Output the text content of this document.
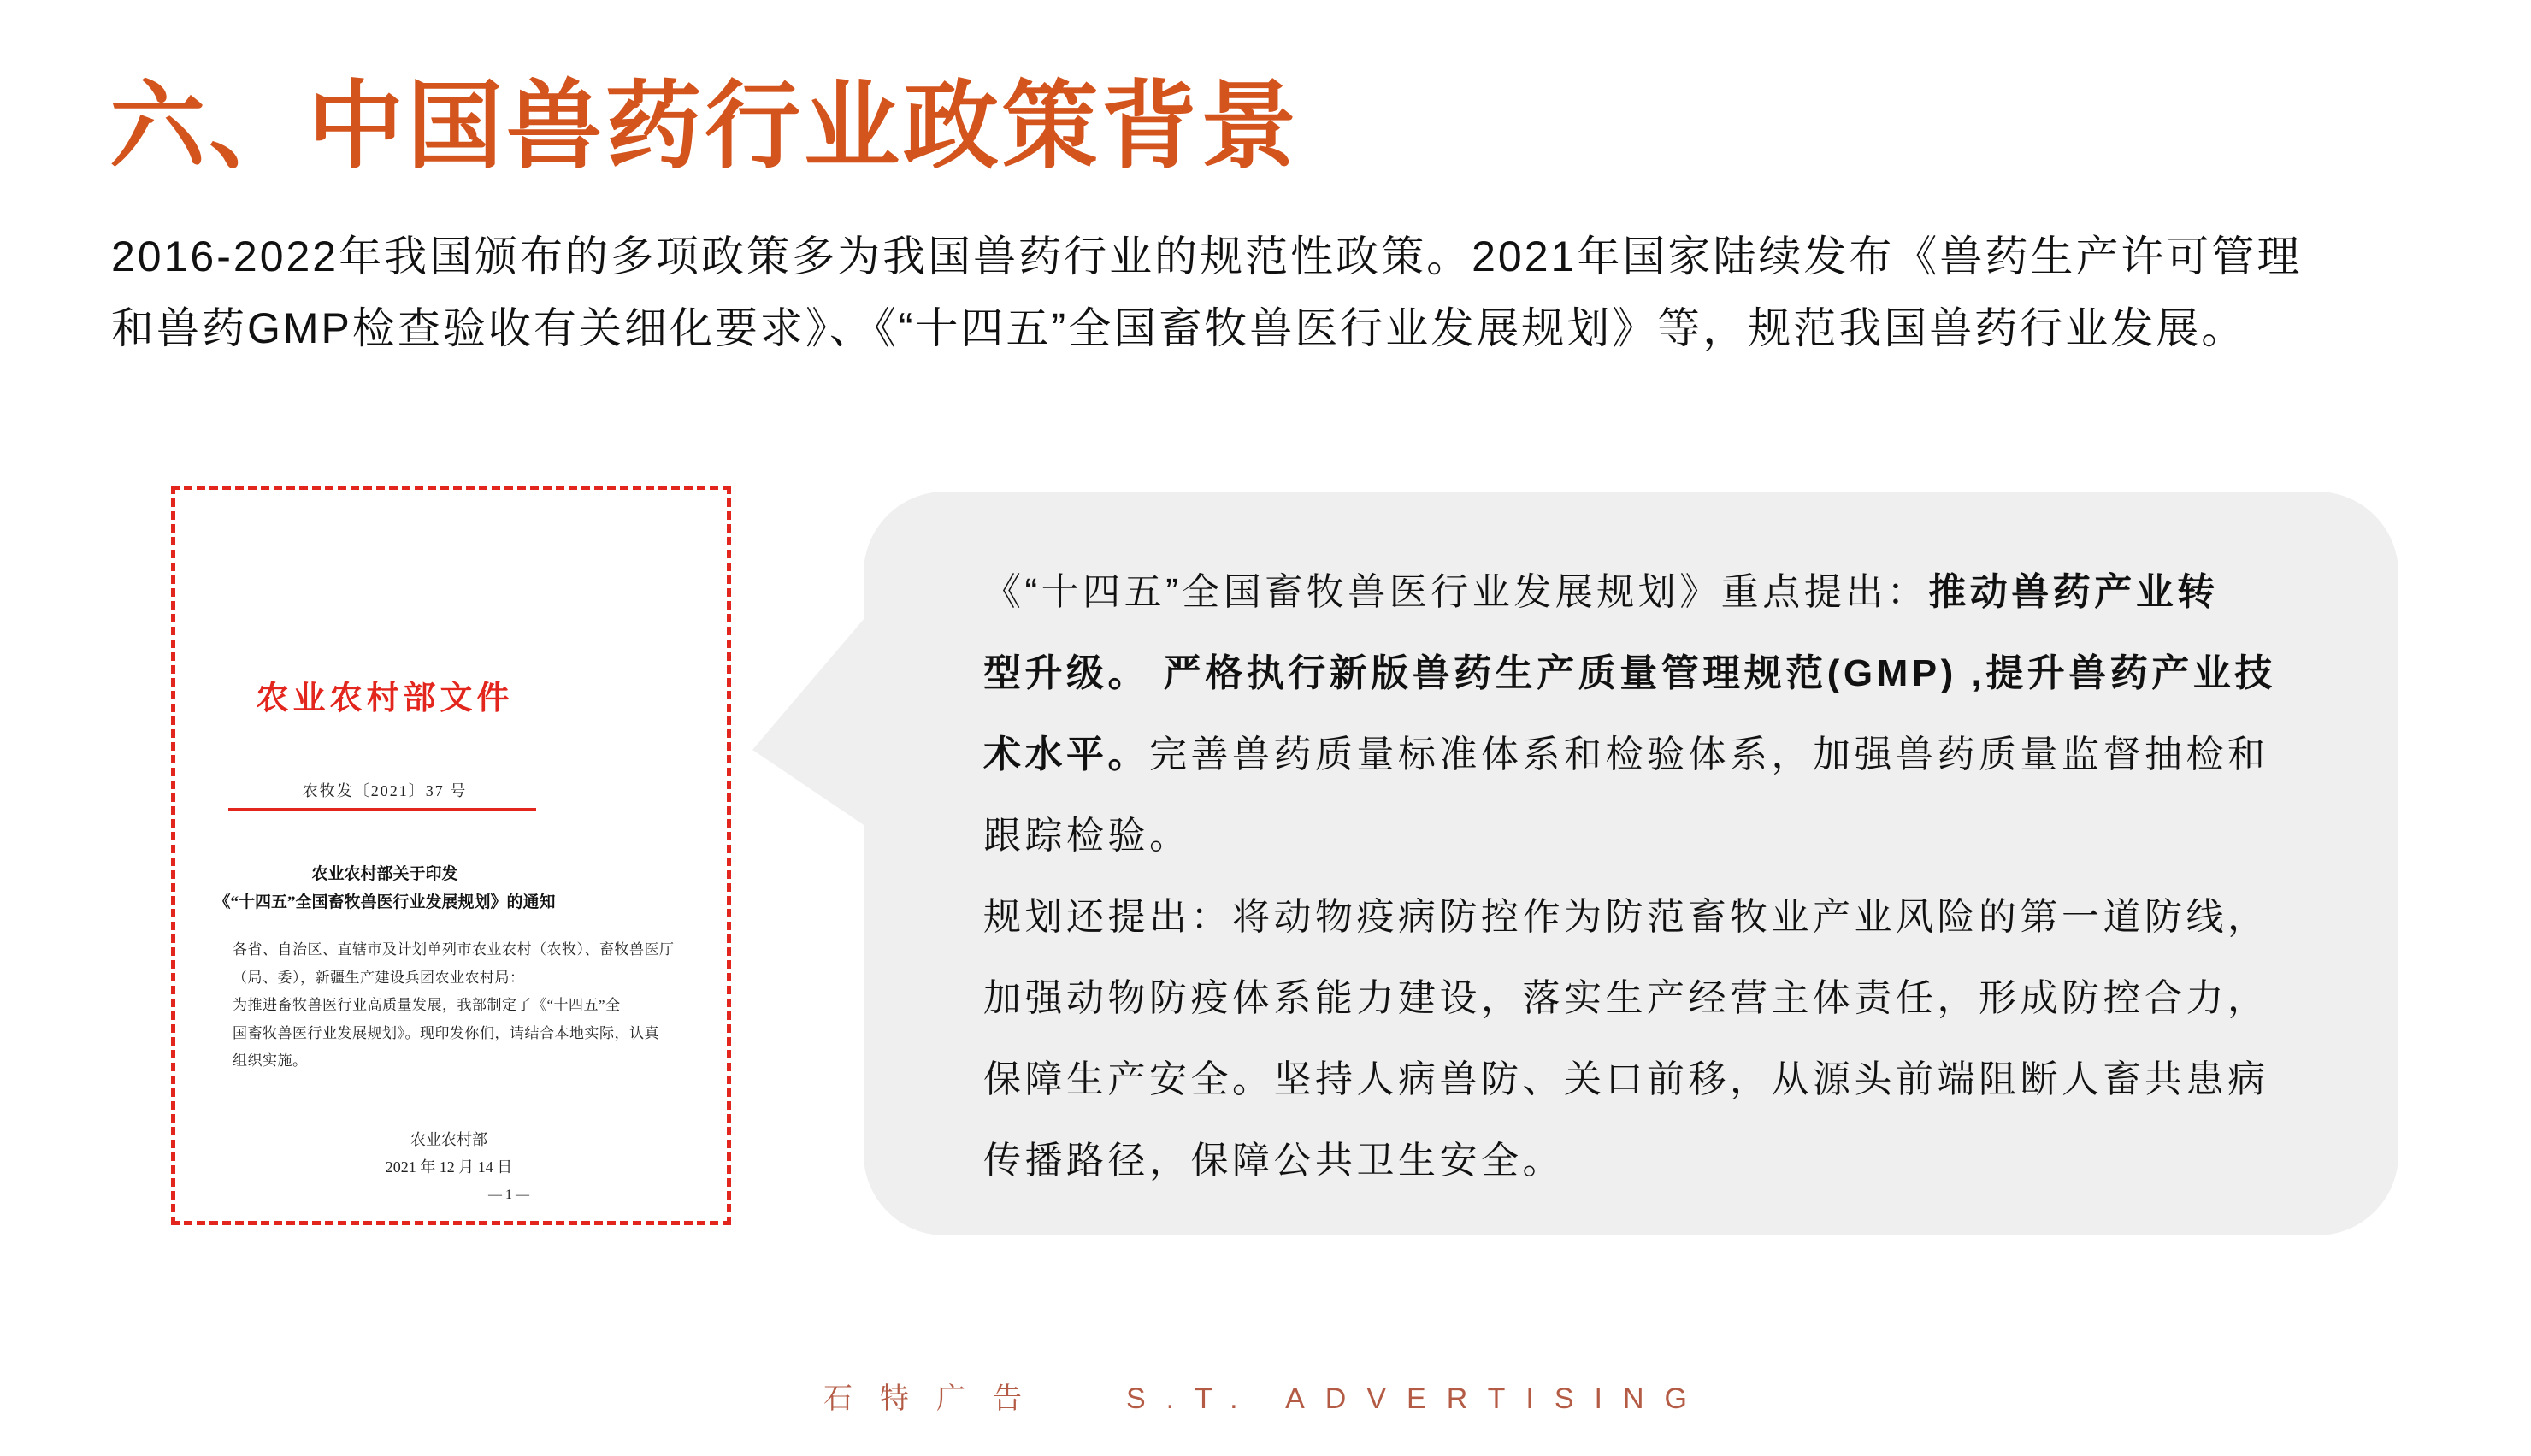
六、中国兽药行业政策背景
2016-2022年我国颁布的多项政策多为我国兽药行业的规范性政策。2021年国家陆续发布《兽药生产许可管理
和兽药GMP检查验收有关细化要求》、《“十四五”全国畜牧兽医行业发展规划》等，规范我国兽药行业发展。
农业农村部文件
农牧发〔2021〕37 号
农业农村部关于印发
《“十四五”全国畜牧兽医行业发展规划》的通知
各省、自治区、直辖市及计划单列市农业农村（农牧）、畜牧兽医厅

（局、委），新疆生产建设兵团农业农村局：

为推进畜牧兽医行业高质量发展，我部制定了《“十四五”全

国畜牧兽医行业发展规划》。现印发你们，请结合本地实际，认真

组织实施。
农业农村部
2021 年 12 月 14 日
— 1 —
《“十四五”全国畜牧兽医行业发展规划》重点提出：推动兽药产业转
型升级。 严格执行新版兽药生产质量管理规范(GMP) ,提升兽药产业技
术水平。完善兽药质量标准体系和检验体系，加强兽药质量监督抽检和
跟踪检验。
规划还提出：将动物疫病防控作为防范畜牧业产业风险的第一道防线，
加强动物防疫体系能力建设，落实生产经营主体责任，形成防控合力，
保障生产安全。坚持人病兽防、关口前移，从源头前端阻断人畜共患病
传播路径，保障公共卫生安全。
石特广告	S.T. ADVERTISING
